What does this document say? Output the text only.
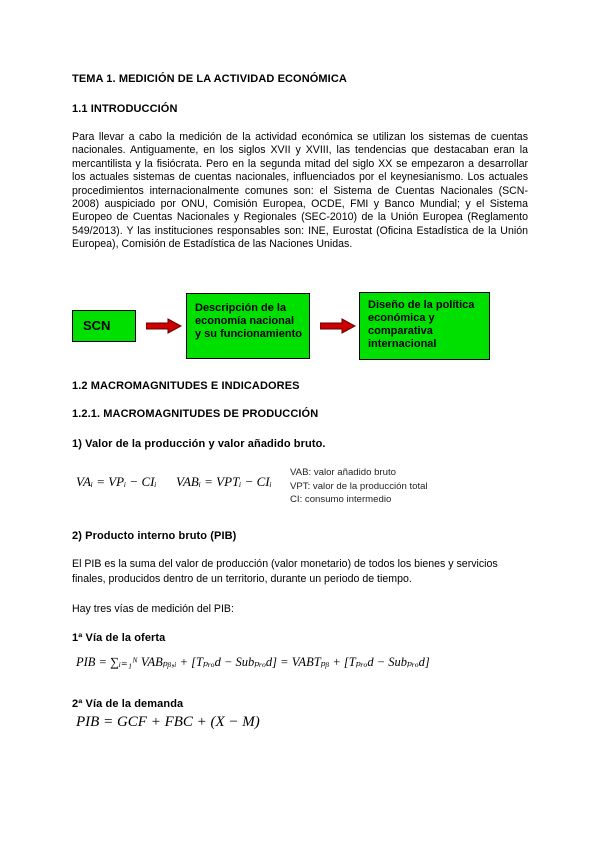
TEMA 1. MEDICIÓN DE LA ACTIVIDAD ECONÓMICA
1.1 INTRODUCCIÓN
Para llevar a cabo la medición de la actividad económica se utilizan los sistemas de cuentas nacionales. Antiguamente, en los siglos XVII y XVIII, las tendencias que destacaban eran la mercantilista y la fisiócrata. Pero en la segunda mitad del siglo XX se empezaron a desarrollar los actuales sistemas de cuentas nacionales, influenciados por el keynesianismo. Los actuales procedimientos internacionalmente comunes son: el Sistema de Cuentas Nacionales (SCN-2008) auspiciado por ONU, Comisión Europea, OCDE, FMI y Banco Mundial; y el Sistema Europeo de Cuentas Nacionales y Regionales (SEC-2010) de la Unión Europea (Reglamento 549/2013). Y las instituciones responsables son: INE, Eurostat (Oficina Estadística de la Unión Europea), Comisión de Estadística de las Naciones Unidas.
SCN
Descripción de la economía nacional y su funcionamiento
Diseño de la política económica y comparativa internacional
1.2 MACROMAGNITUDES E INDICADORES
1.2.1. MACROMAGNITUDES DE PRODUCCIÓN
1) Valor de la producción y valor añadido bruto.
VAᵢ = VPᵢ − CIᵢ VABᵢ = VPTᵢ − CIᵢ
VAB: valor añadido bruto
VPT: valor de la producción total
CI: consumo intermedio
2) Producto interno bruto (PIB)
El PIB es la suma del valor de producción (valor monetario) de todos los bienes y servicios finales, producidos dentro de un territorio, durante un periodo de tiempo.
Hay tres vías de medición del PIB:
1ª Vía de la oferta
PIB = ∑ᵢ₌₁ᴺ VABₚᵦ,ᵢ + [Tₚᵣₒd − Subₚᵣₒd] = VABTₚᵦ + [Tₚᵣₒd − Subₚᵣₒd]
2ª Vía de la demanda
PIB = GCF + FBC + (X − M)
